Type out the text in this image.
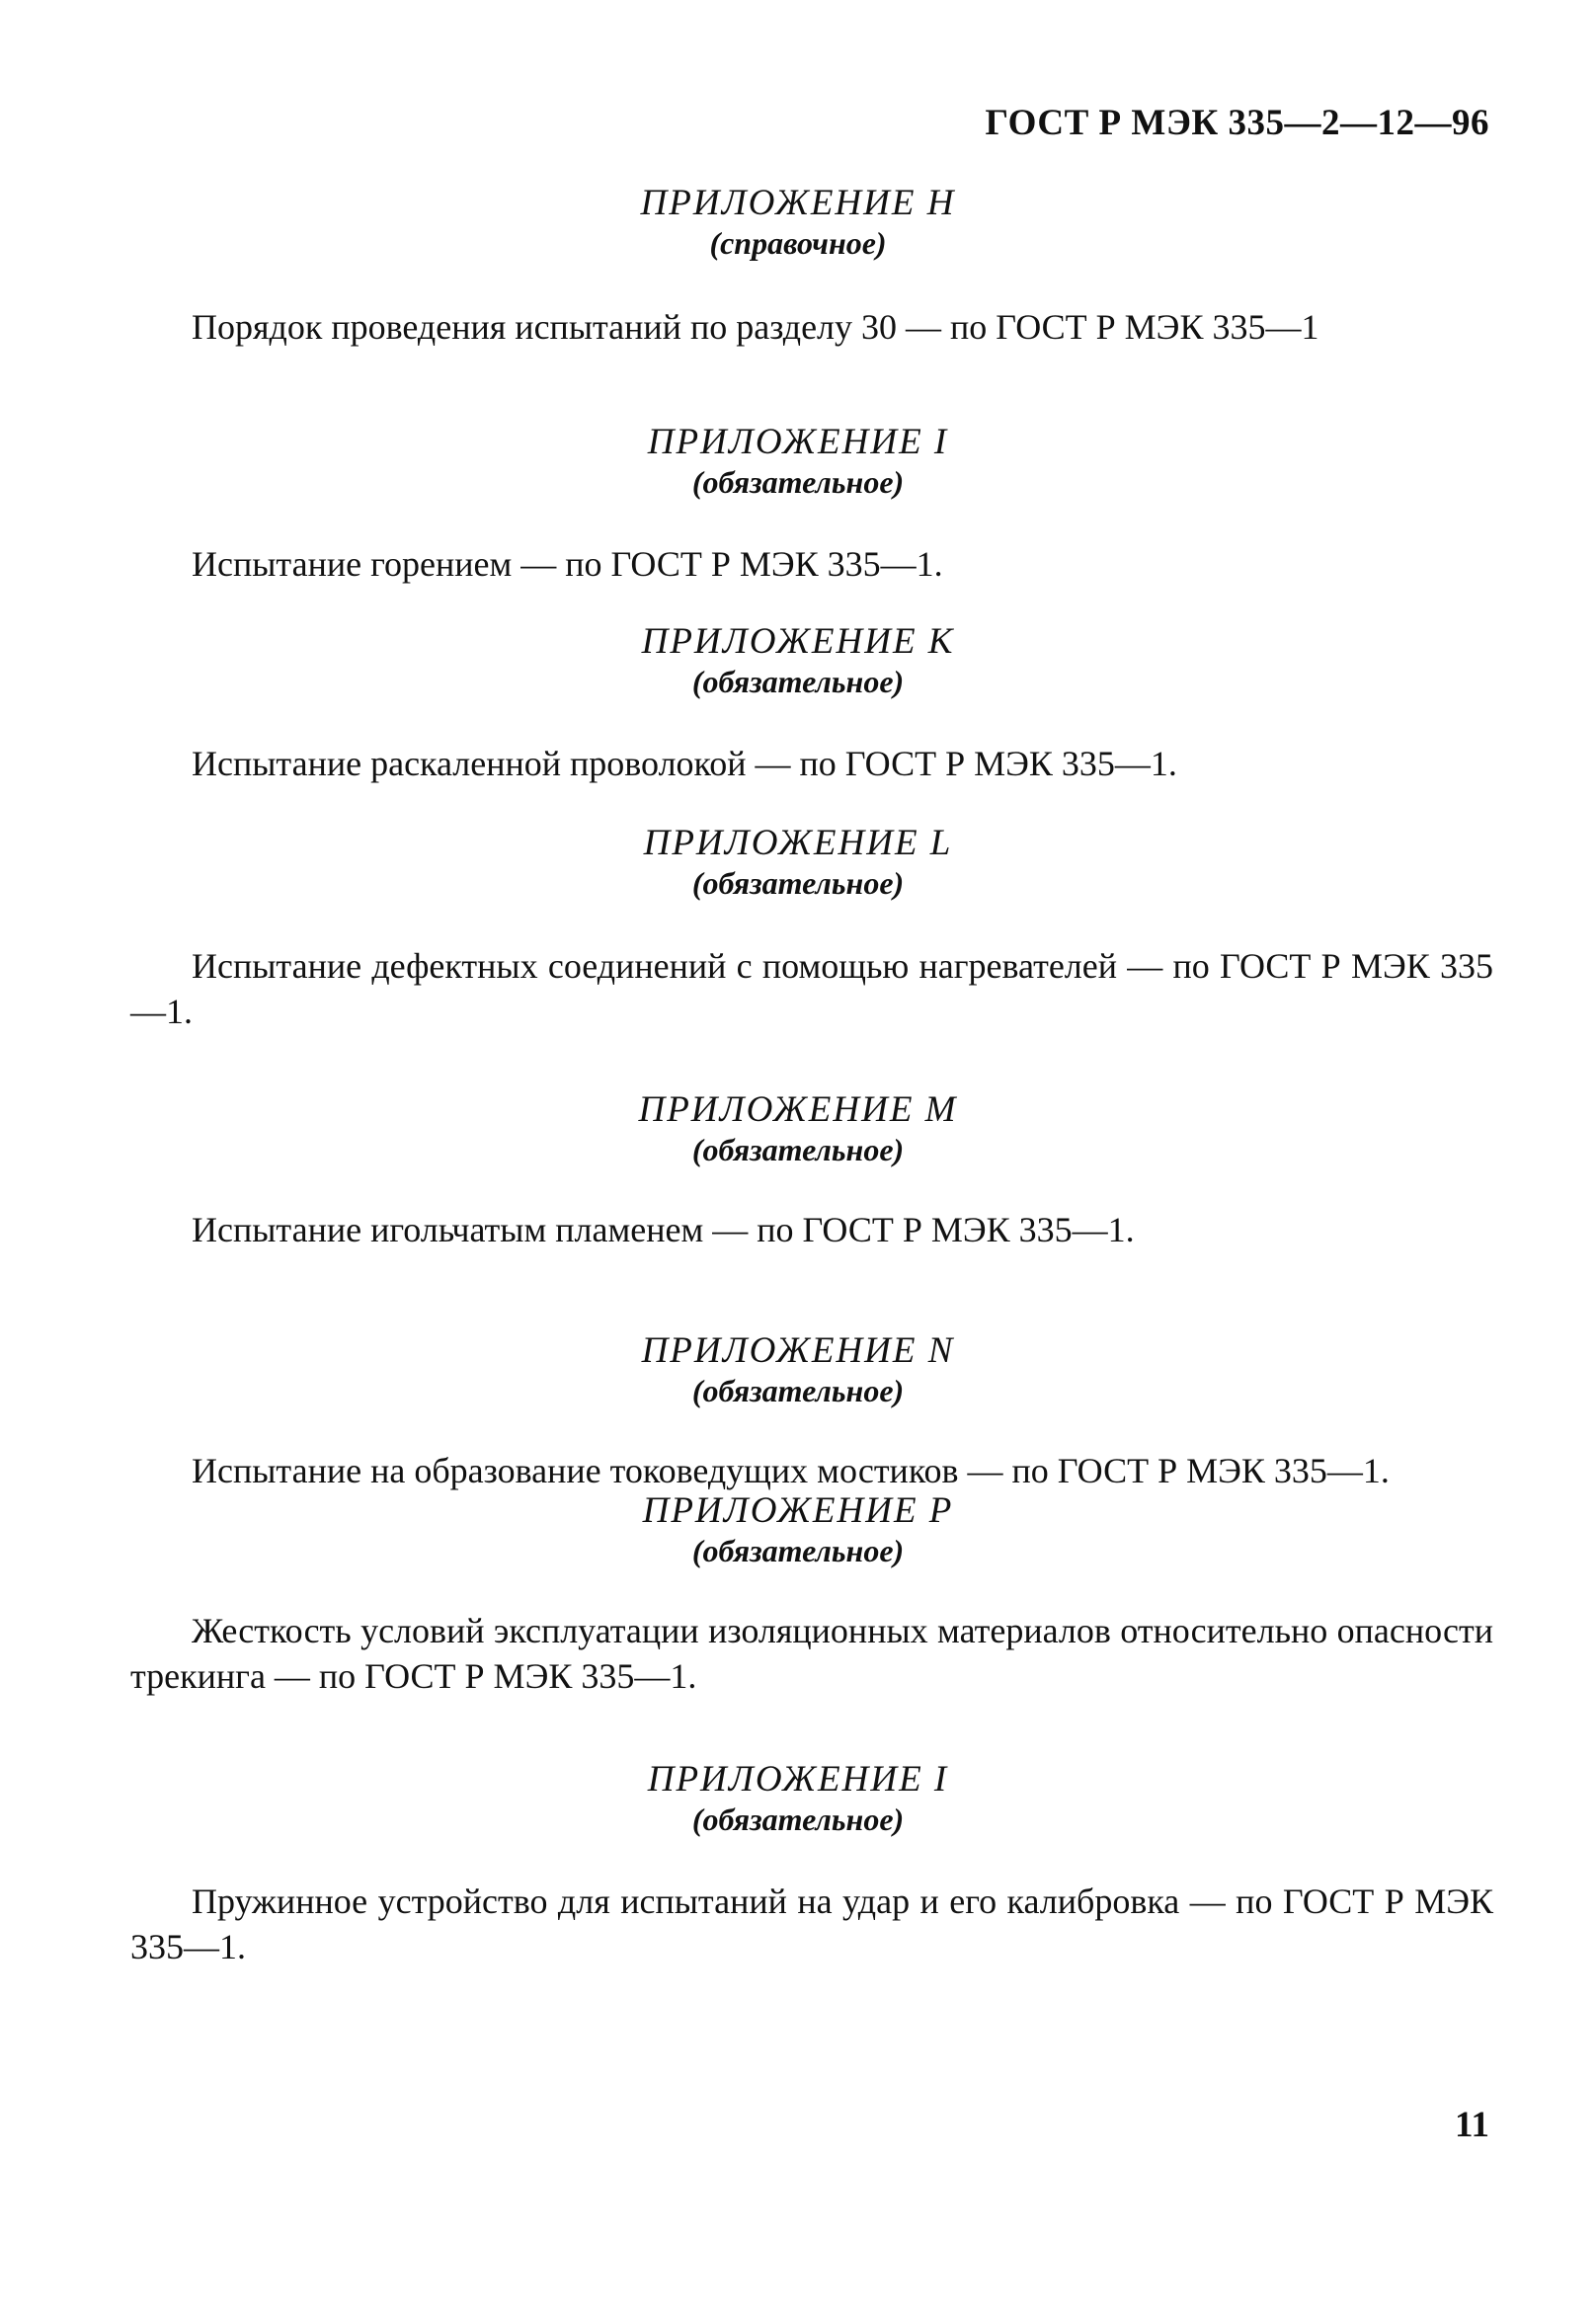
ГОСТ Р МЭК 335—2—12—96
ПРИЛОЖЕНИЕ Н
(справочное)
Порядок проведения испытаний по разделу 30 — по ГОСТ Р МЭК 335—1
ПРИЛОЖЕНИЕ I
(обязательное)
Испытание горением — по ГОСТ Р МЭК 335—1.
ПРИЛОЖЕНИЕ К
(обязательное)
Испытание раскаленной проволокой — по ГОСТ Р МЭК 335—1.
ПРИЛОЖЕНИЕ L
(обязательное)
Испытание дефектных соединений с помощью нагревателей — по ГОСТ Р МЭК 335—1.
ПРИЛОЖЕНИЕ М
(обязательное)
Испытание игольчатым пламенем — по ГОСТ Р МЭК 335—1.
ПРИЛОЖЕНИЕ N
(обязательное)
Испытание на образование токоведущих мостиков — по ГОСТ Р МЭК 335—1.
ПРИЛОЖЕНИЕ Р
(обязательное)
Жесткость условий эксплуатации изоляционных материалов относительно опасности трекинга — по ГОСТ Р МЭК 335—1.
ПРИЛОЖЕНИЕ I
(обязательное)
Пружинное устройство для испытаний на удар и его калибровка — по ГОСТ Р МЭК 335—1.
11
